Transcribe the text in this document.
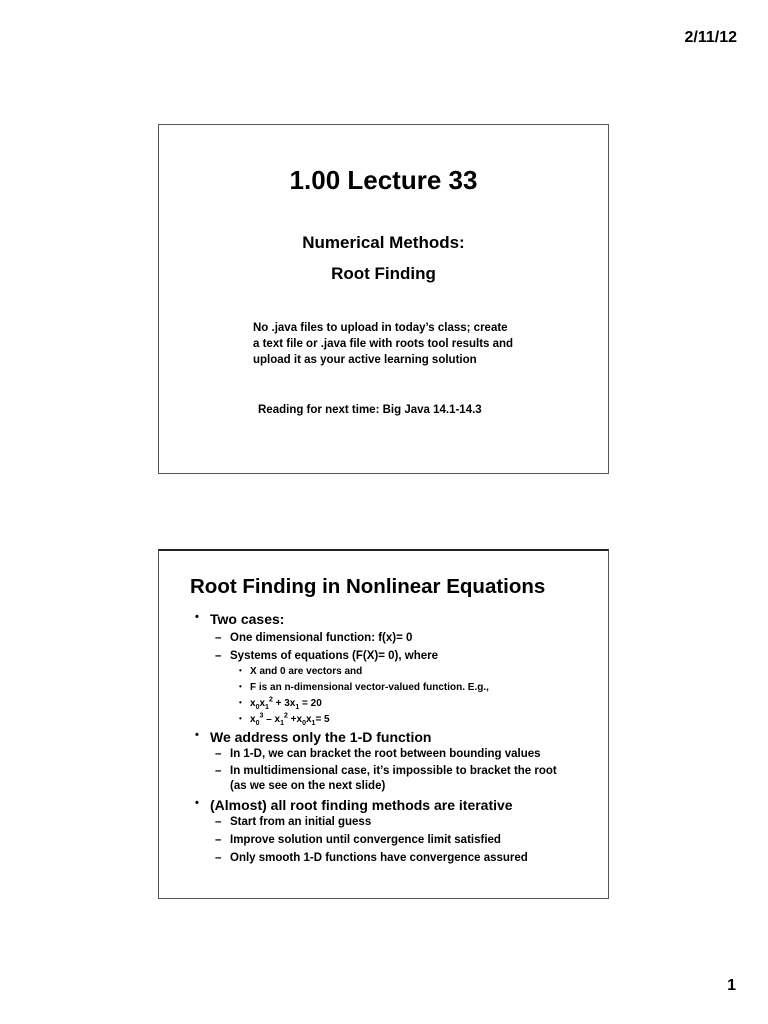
2/11/12
1.00 Lecture 33
Numerical Methods:
Root Finding
No .java files to upload in today’s class; create
a text file or .java file with roots tool results and
upload it as your active learning solution
Reading for next time: Big Java 14.1-14.3
Root Finding in Nonlinear Equations
• Two cases:
– One dimensional function: f(x)= 0
– Systems of equations (F(X)= 0), where
• X and 0 are vectors and
• F is an n-dimensional vector-valued function. E.g.,
• $x_0x_1^2 + 3x_1 = 20$
• $x_0^3 - x_1^2 +x_0x_1= 5$
• We address only the 1-D function
– In 1-D, we can bracket the root between bounding values
– In multidimensional case, it’s impossible to bracket the root
(as we see on the next slide)
• (Almost) all root finding methods are iterative
– Start from an initial guess
– Improve solution until convergence limit satisfied
– Only smooth 1-D functions have convergence assured
1
